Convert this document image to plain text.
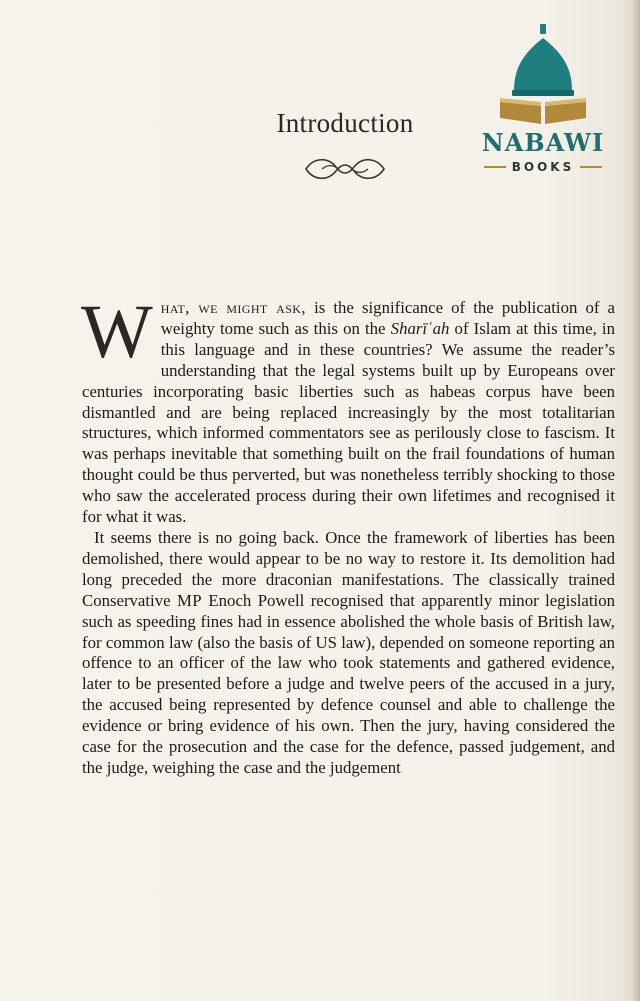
Introduction
NABAWI
BOOKS

What, we might ask, is the significance of the publication of a weighty tome such as this on the Sharīʿah of Islam at this time, in this language and in these countries? We assume the reader’s understanding that the legal systems built up by Europeans over centuries incorporating basic liberties such as habeas corpus have been dismantled and are being replaced increasingly by the most totalitarian structures, which informed commentators see as perilously close to fascism. It was perhaps inevitable that something built on the frail foundations of human thought could be thus perverted, but was nonetheless terribly shocking to those who saw the accelerated process during their own lifetimes and recognised it for what it was.

It seems there is no going back. Once the framework of liberties has been demolished, there would appear to be no way to restore it. Its demolition had long preceded the more draconian manifestations. The classically trained Conservative MP Enoch Powell recognised that apparently minor legislation such as speeding fines had in essence abolished the whole basis of British law, for common law (also the basis of US law), depended on someone reporting an offence to an officer of the law who took statements and gathered evidence, later to be presented before a judge and twelve peers of the accused in a jury, the accused being represented by defence counsel and able to challenge the evidence or bring evidence of his own. Then the jury, having considered the case for the prosecution and the case for the defence, passed judgement, and the judge, weighing the case and the judgement
